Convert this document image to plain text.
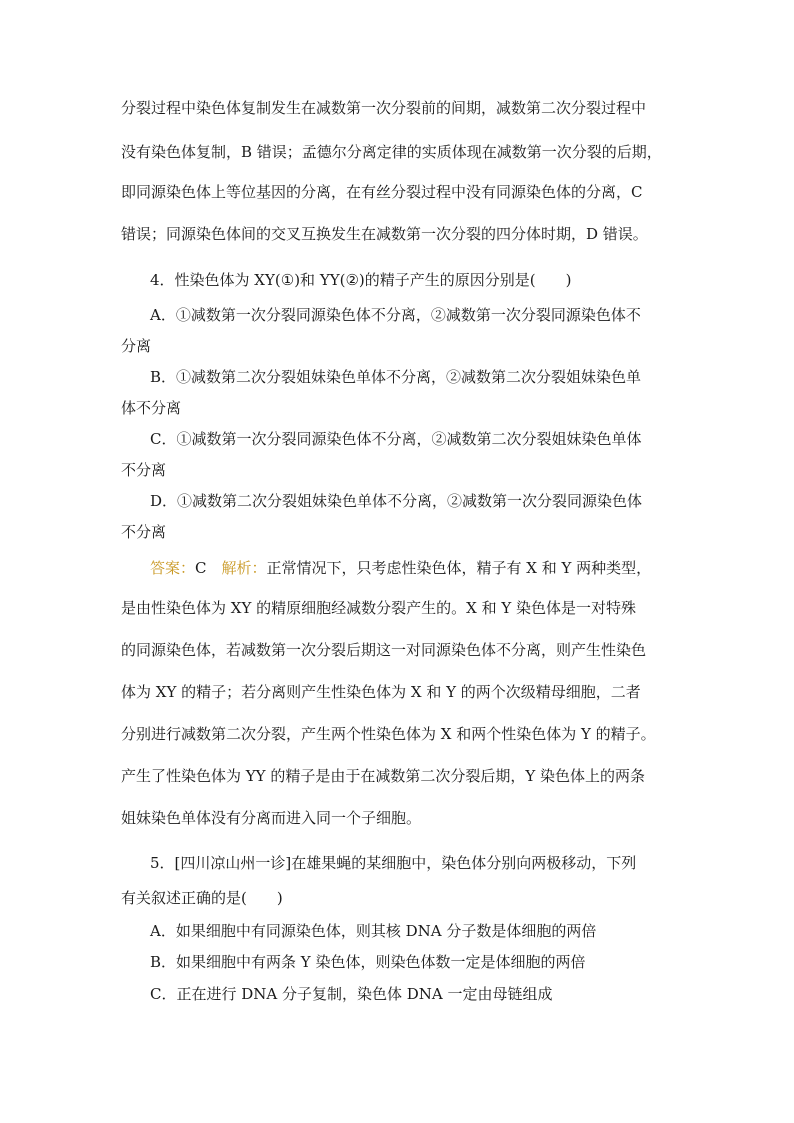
分裂过程中染色体复制发生在减数第一次分裂前的间期，减数第二次分裂过程中
没有染色体复制，B 错误；孟德尔分离定律的实质体现在减数第一次分裂的后期，
即同源染色体上等位基因的分离，在有丝分裂过程中没有同源染色体的分离，C
错误；同源染色体间的交叉互换发生在减数第一次分裂的四分体时期，D 错误。
4．性染色体为 XY(①)和 YY(②)的精子产生的原因分别是(　　)
A．①减数第一次分裂同源染色体不分离，②减数第一次分裂同源染色体不
分离
B．①减数第二次分裂姐妹染色单体不分离，②减数第二次分裂姐妹染色单
体不分离
C．①减数第一次分裂同源染色体不分离，②减数第二次分裂姐妹染色单体
不分离
D．①减数第二次分裂姐妹染色单体不分离，②减数第一次分裂同源染色体
不分离
答案：C　 解析：正常情况下，只考虑性染色体，精子有 X 和 Y 两种类型，
是由性染色体为 XY 的精原细胞经减数分裂产生的。X 和 Y 染色体是一对特殊
的同源染色体，若减数第一次分裂后期这一对同源染色体不分离，则产生性染色
体为 XY 的精子；若分离则产生性染色体为 X 和 Y 的两个次级精母细胞，二者
分别进行减数第二次分裂，产生两个性染色体为 X 和两个性染色体为 Y 的精子。
产生了性染色体为 YY 的精子是由于在减数第二次分裂后期，Y 染色体上的两条
姐妹染色单体没有分离而进入同一个子细胞。
5．[四川凉山州一诊]在雄果蝇的某细胞中，染色体分别向两极移动，下列
有关叙述正确的是(　　)
A．如果细胞中有同源染色体，则其核 DNA 分子数是体细胞的两倍
B．如果细胞中有两条 Y 染色体，则染色体数一定是体细胞的两倍
C．正在进行 DNA 分子复制，染色体 DNA 一定由母链组成
